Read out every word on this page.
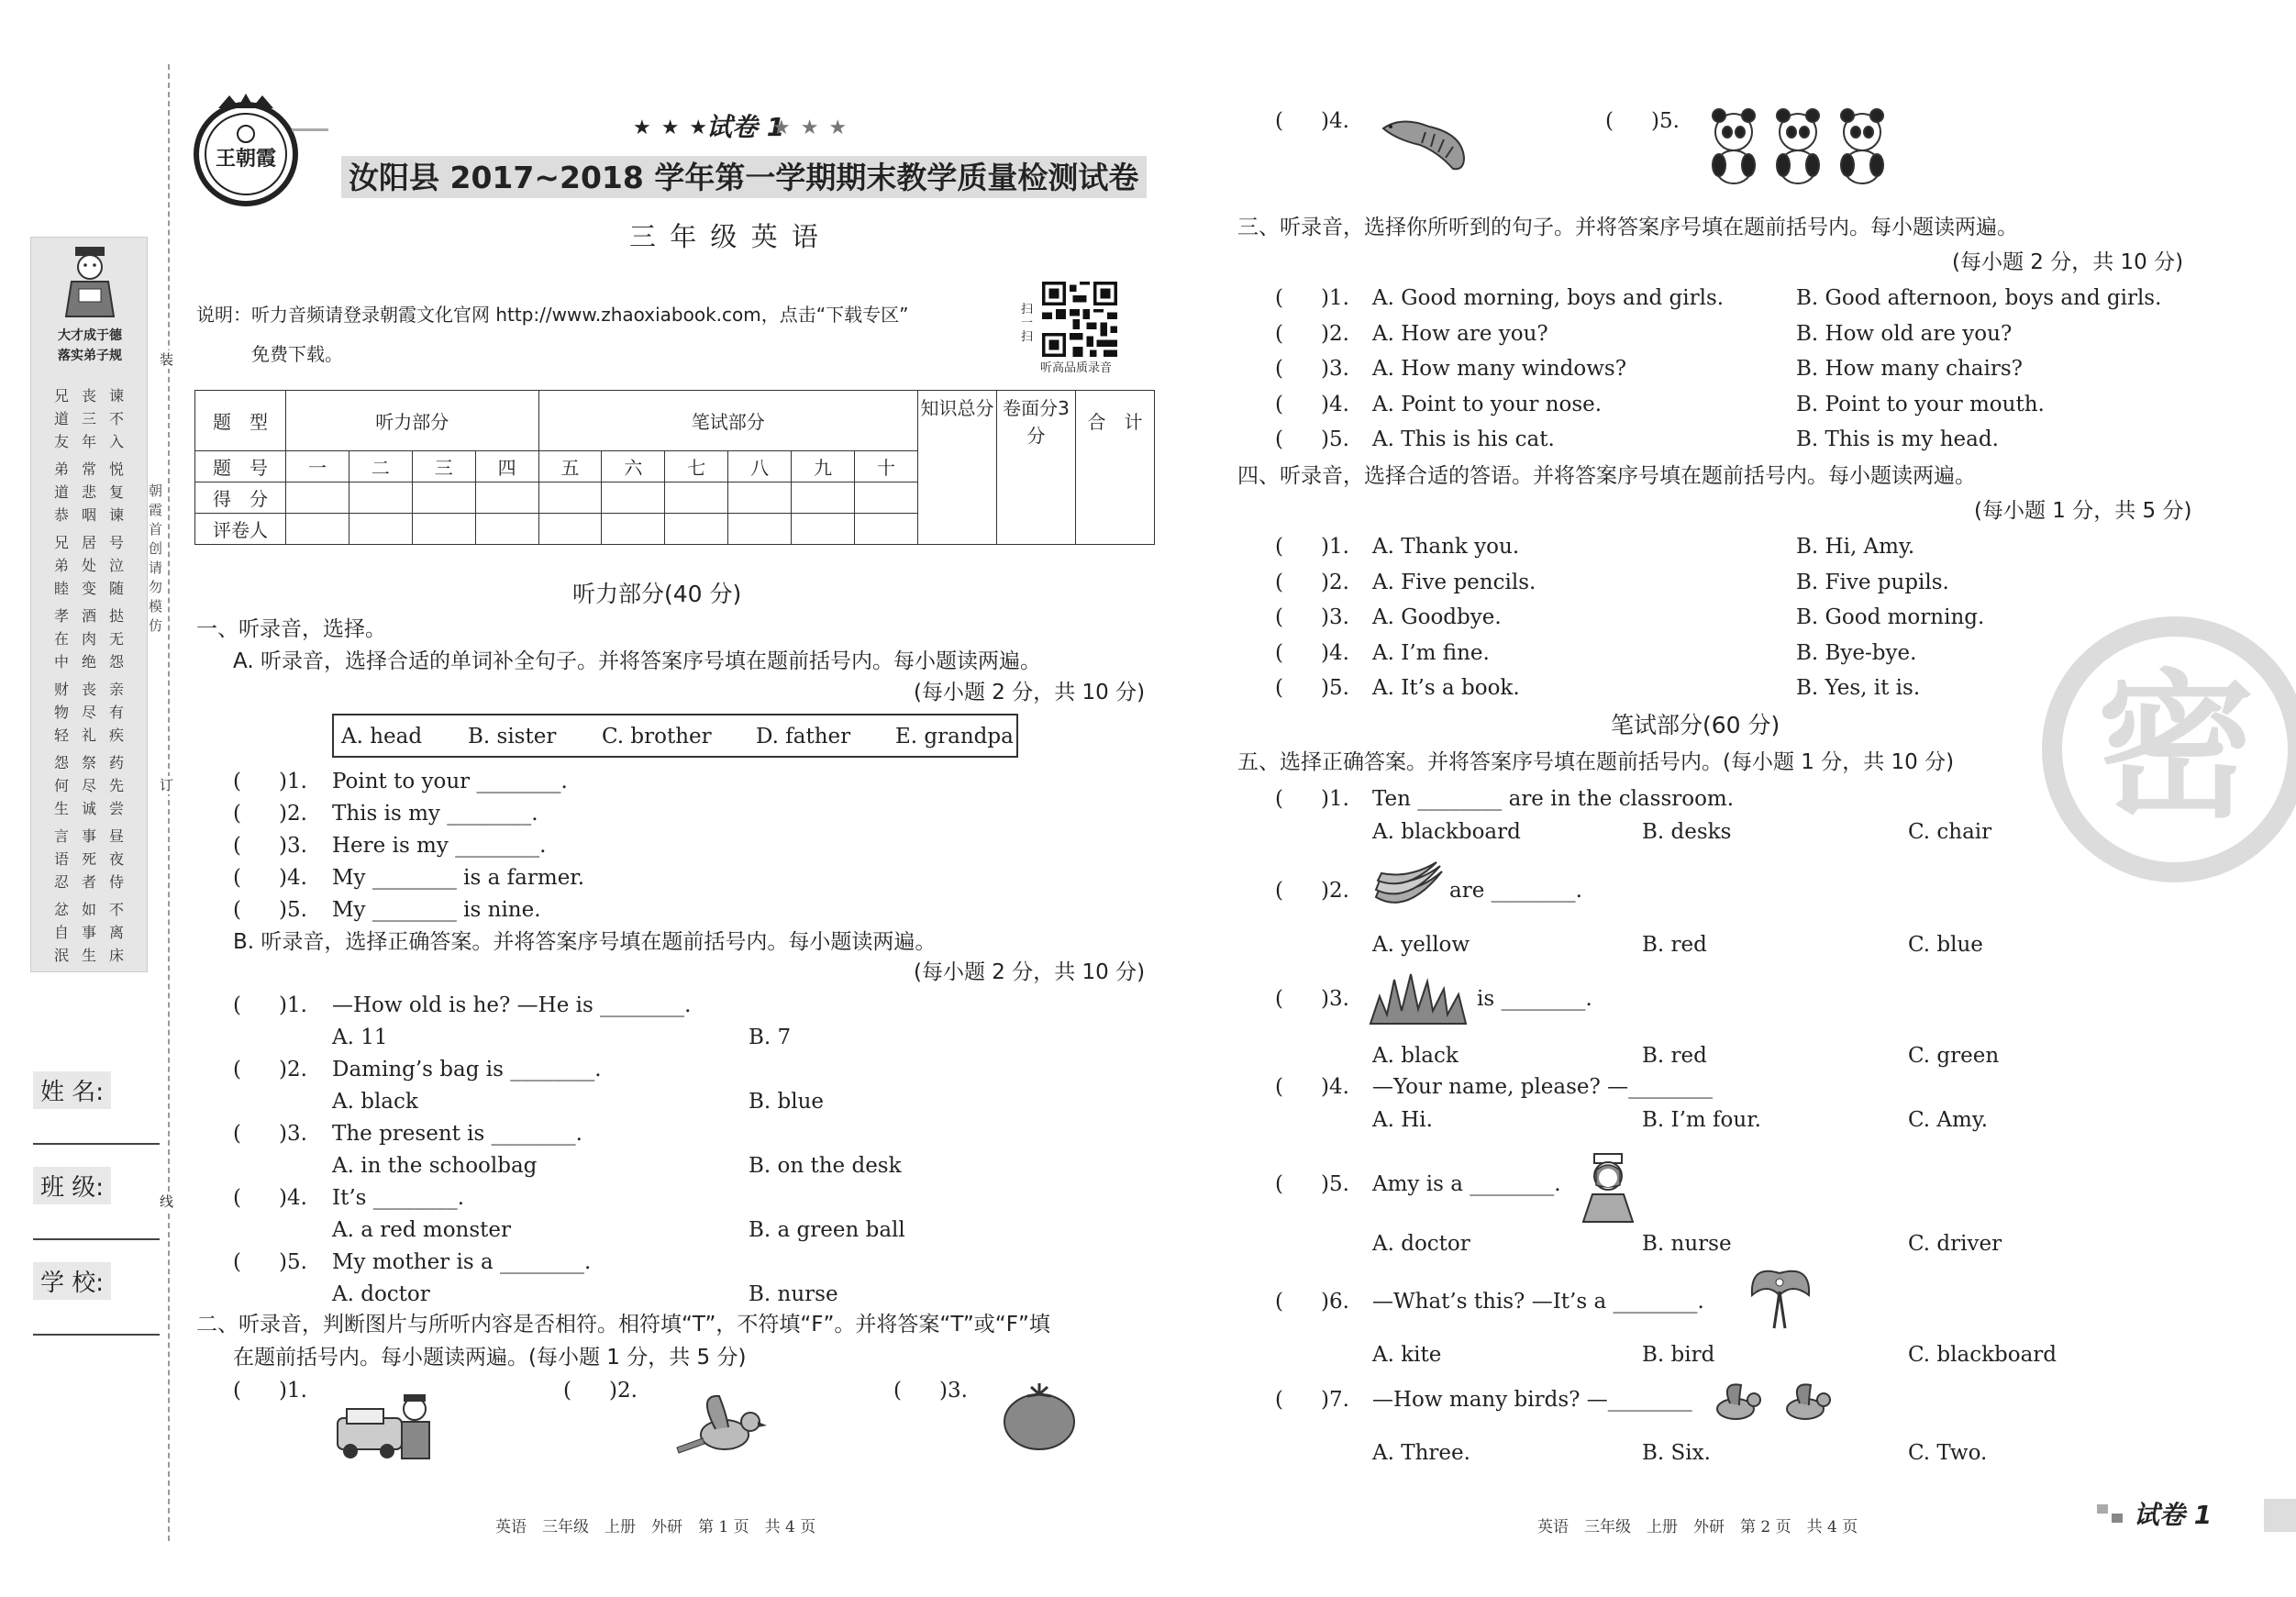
装
订
线
朝霞首创 请勿模仿
大才成于德
落实弟子规
兄道友
丧三年
谏不入
弟道恭
常悲咽
悦复谏
兄弟睦
居处变
号泣随
孝在中
酒肉绝
挞无怨
财物轻
丧尽礼
亲有疾
怨何生
祭尽诚
药先尝
言语忍
事死者
昼夜侍
忿自泯
如事生
不离床
姓 名:
班 级:
学 校:
王朝霞
★ ★ ★
试卷 1
★ ★ ★
汝阳县 2017~2018 学年第一学期期末教学质量检测试卷
三 年 级 英 语
说明：听力音频请登录朝霞文化官网 http://www.zhaoxiabook.com，点击“下载专区”
免费下载。
扫一扫
听高品质录音
题　型	听力部分				笔试部分						知识总分	卷面分3分	合　计
题　号	一	二	三	四	五	六	七	八	九	十			
得　分													
评卷人													
听力部分(40 分)
一、听录音，选择。
A. 听录音，选择合适的单词补全句子。并将答案序号填在题前括号内。每小题读两遍。
(每小题 2 分，共 10 分)
A. head B. sister C. brother D. father E. grandpa
( )1. Point to your ________.
( )2. This is my ________.
( )3. Here is my ________.
( )4. My ________ is a farmer.
( )5. My ________ is nine.
B. 听录音，选择正确答案。并将答案序号填在题前括号内。每小题读两遍。
(每小题 2 分，共 10 分)
( )1. —How old is he? —He is ________.
A. 11	B. 7
( )2. Daming’s bag is ________.
A. black	B. blue
( )3. The present is ________.
A. in the schoolbag	B. on the desk
( )4. It’s ________.
A. a red monster	B. a green ball
( )5. My mother is a ________.
A. doctor	B. nurse
二、听录音，判断图片与所听内容是否相符。相符填“T”，不符填“F”。并将答案“T”或“F”填
在题前括号内。每小题读两遍。(每小题 1 分，共 5 分)
( )1.	( )2.	( )3.
英语　三年级　上册　外研　第 1 页　共 4 页
( )4.	( )5.
三、听录音，选择你所听到的句子。并将答案序号填在题前括号内。每小题读两遍。
(每小题 2 分，共 10 分)
( )1. A. Good morning, boys and girls.	B. Good afternoon, boys and girls.
( )2. A. How are you?	B. How old are you?
( )3. A. How many windows?	B. How many chairs?
( )4. A. Point to your nose.	B. Point to your mouth.
( )5. A. This is his cat.	B. This is my head.
四、听录音，选择合适的答语。并将答案序号填在题前括号内。每小题读两遍。
(每小题 1 分，共 5 分)
( )1. A. Thank you.	B. Hi, Amy.
( )2. A. Five pencils.	B. Five pupils.
( )3. A. Goodbye.	B. Good morning.
( )4. A. I’m fine.	B. Bye-bye.
( )5. A. It’s a book.	B. Yes, it is.
笔试部分(60 分)
五、选择正确答案。并将答案序号填在题前括号内。(每小题 1 分，共 10 分)
( )1. Ten ________ are in the classroom.
A. blackboard	B. desks	C. chair
( )2.	are ________.
A. yellow	B. red	C. blue
( )3.	is ________.
A. black	B. red	C. green
( )4. —Your name, please? —________
A. Hi.	B. I’m four.	C. Amy.
( )5. Amy is a ________.
A. doctor	B. nurse	C. driver
( )6. —What’s this? —It’s a ________.
A. kite	B. bird	C. blackboard
( )7. —How many birds? —________
A. Three.	B. Six.	C. Two.
密
英语　三年级　上册　外研　第 2 页　共 4 页	试卷 1
